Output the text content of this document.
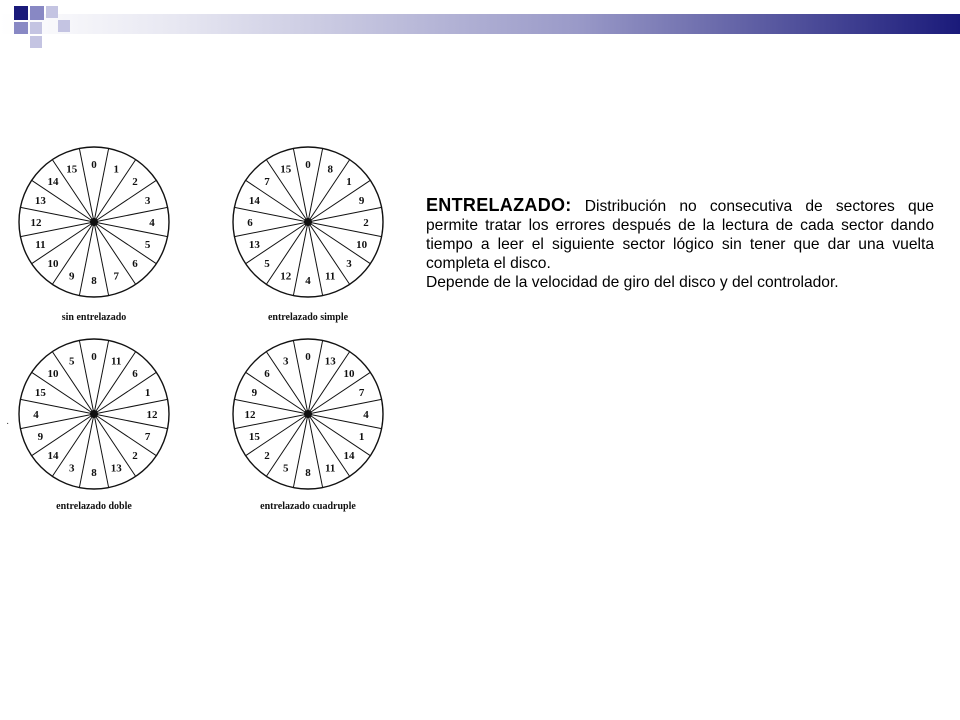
0 1
2
3
4
5
6
7
8
9
10
11
12
13
14
15
sin entrelazado
0 8
1
9
2
10
3
11
4
12
5
13
6
14
7
15
entrelazado simple
0 11
6
1
12
7
2
13
8
3
14
9
4
15
10
5
entrelazado doble
0 13
10
7
4
1
14
11
8
5
2
15
12
9
6
3
entrelazado cuadruple
·

ENTRELAZADO: Distribución no consecutiva de sectores que permite tratar los errores después de la lectura de cada sector dando tiempo a leer el siguiente sector lógico sin tener que dar una vuelta completa el disco.

Depende de la velocidad de giro del disco y del controlador.
